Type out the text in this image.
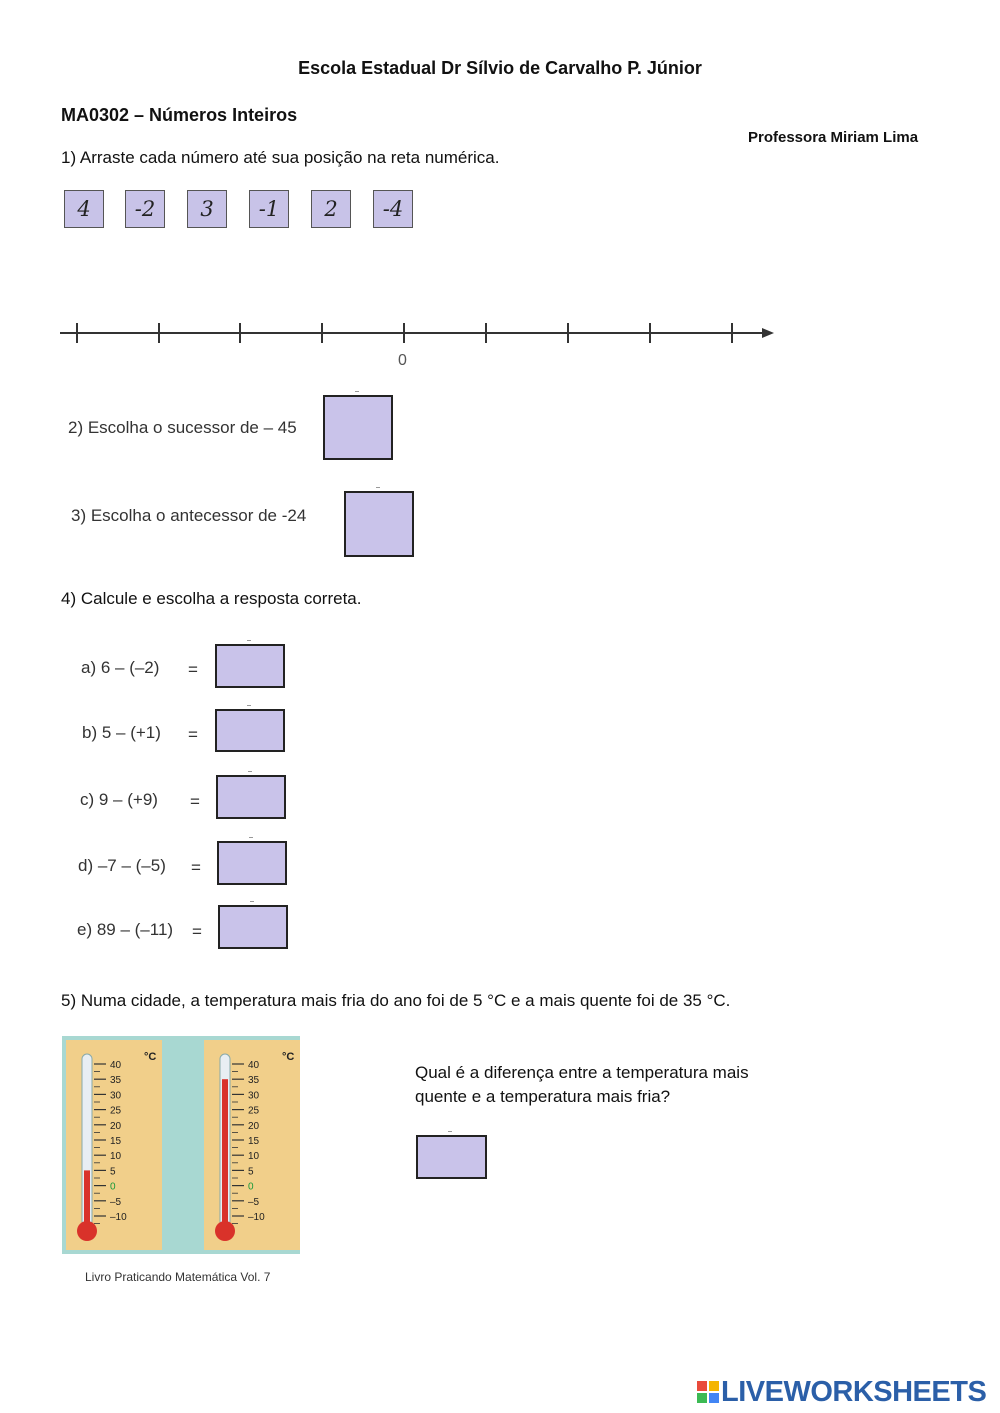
Escola Estadual Dr Sílvio de Carvalho P. Júnior
MA0302 – Números Inteiros
Professora Miriam Lima
1) Arraste cada número até sua posição na reta numérica.
4	-2	3	-1	2	-4
0
2) Escolha o sucessor de – 45
3) Escolha o antecessor de -24
4) Calcule e escolha a resposta correta.
a) 6 – (–2) =
b) 5 – (+1) =
c) 9 – (+9) =
d) –7 – (–5) =
e) 89 – (–11) =
5) Numa cidade, a temperatura mais fria do ano foi de 5 °C e a mais quente foi de 35 °C.
°C
40
35
30
25
20
15
10
5
0
–5
–10
°C
40
35
30
25
20
15
10
5
0
–5
–10
Livro Praticando Matemática Vol. 7
Qual é a diferença entre a temperatura mais quente e a temperatura mais fria?
LIVEWORKSHEETS
